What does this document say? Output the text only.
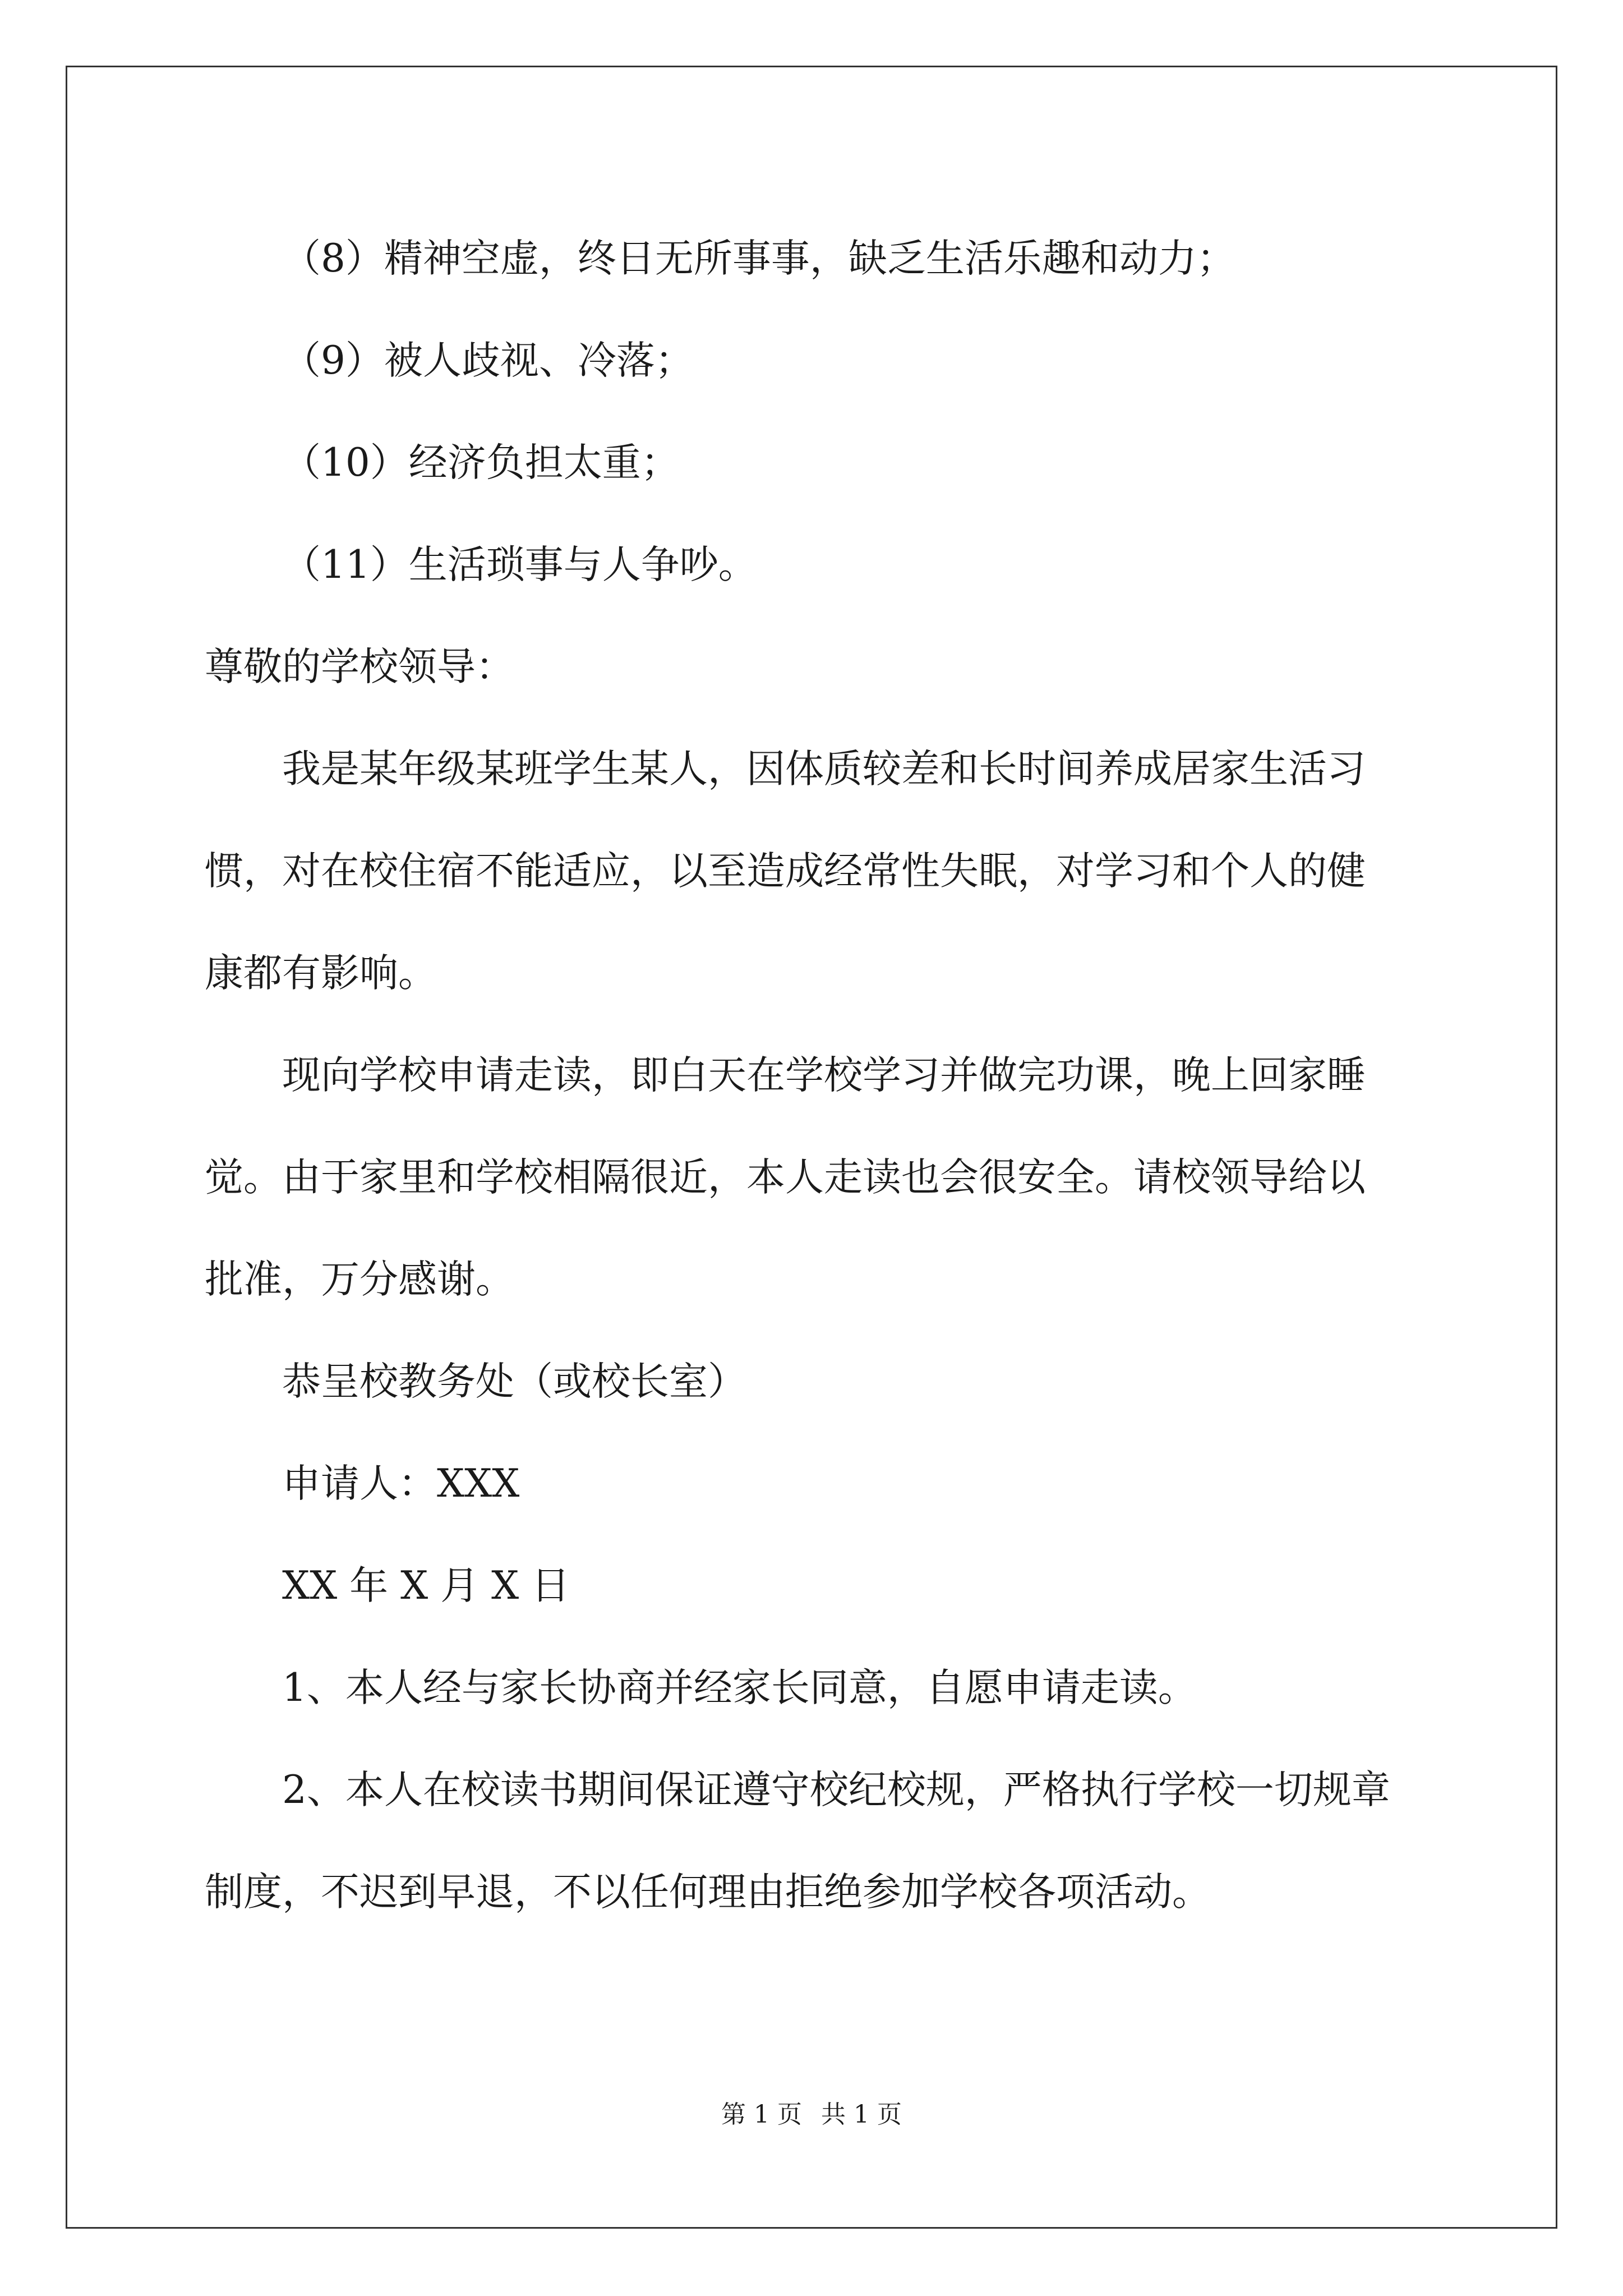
（8）精神空虚，终日无所事事，缺乏生活乐趣和动力；
（9）被人歧视、冷落；
（10）经济负担太重；
（11）生活琐事与人争吵。
尊敬的学校领导：
我是某年级某班学生某人，因体质较差和长时间养成居家生活习
惯，对在校住宿不能适应，以至造成经常性失眠，对学习和个人的健
康都有影响。
现向学校申请走读，即白天在学校学习并做完功课，晚上回家睡
觉。由于家里和学校相隔很近，本人走读也会很安全。请校领导给以
批准，万分感谢。
恭呈校教务处（或校长室）
申请人：XXX
XX 年 X 月 X 日
1、本人经与家长协商并经家长同意，自愿申请走读。
2、本人在校读书期间保证遵守校纪校规，严格执行学校一切规章
制度，不迟到早退，不以任何理由拒绝参加学校各项活动。
第 1 页 共 1 页
